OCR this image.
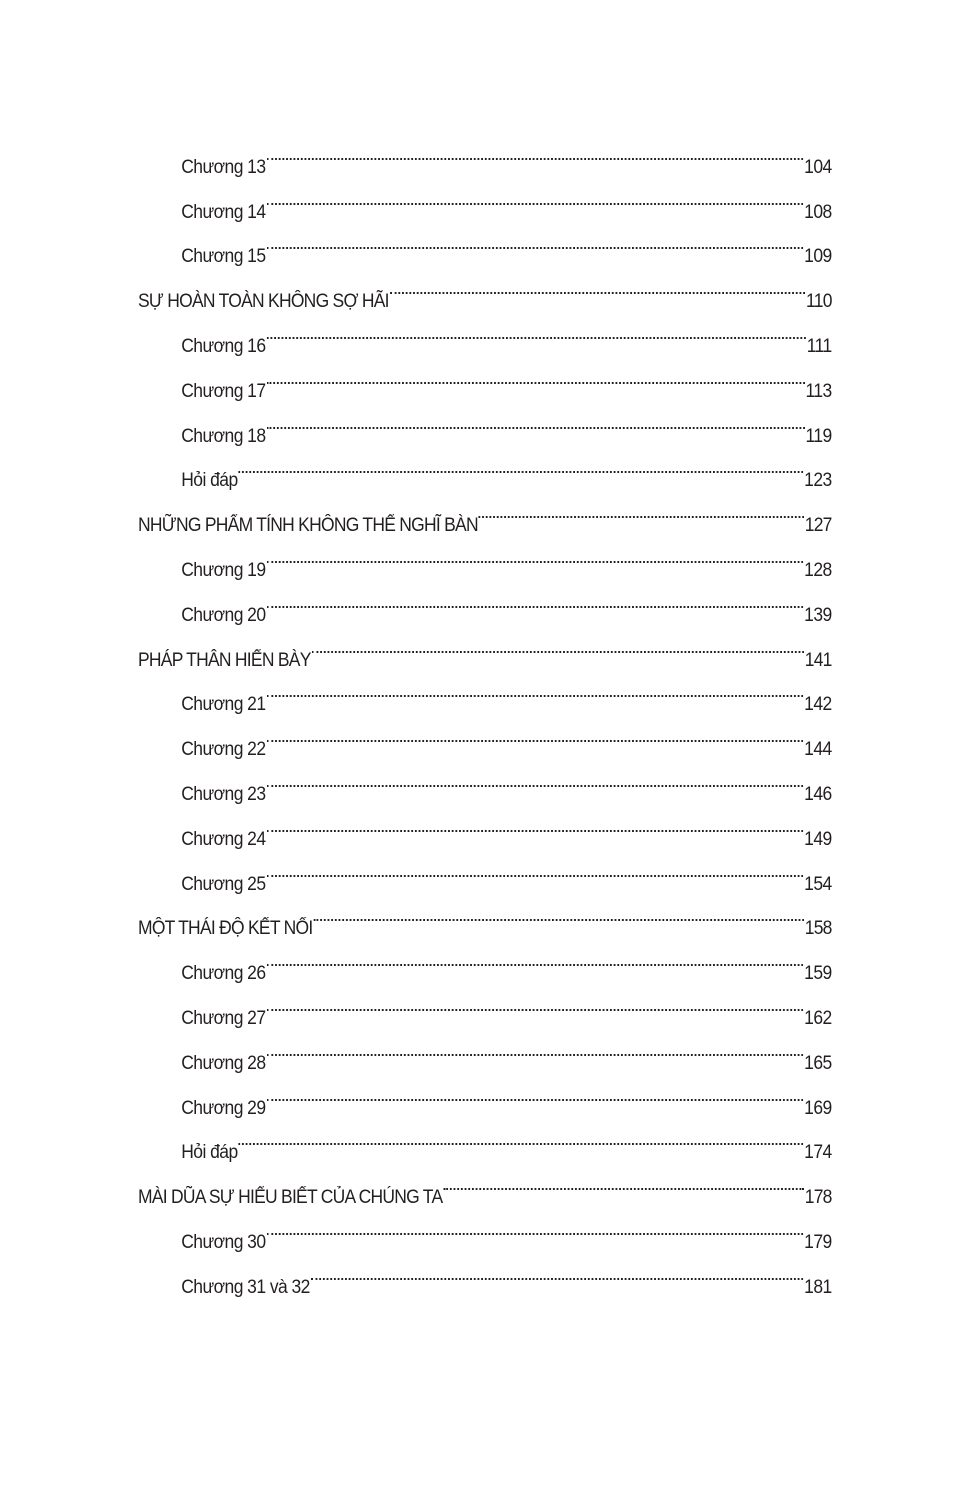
Chương 13	104
Chương 14	108
Chương 15	109
SỰ HOÀN TOÀN KHÔNG SỢ HÃI	110
Chương 16	111
Chương 17	113
Chương 18	119
Hỏi đáp	123
NHỮNG PHẨM TÍNH KHÔNG THỂ NGHĨ BÀN	127
Chương 19	128
Chương 20	139
PHÁP THÂN HIỂN BÀY	141
Chương 21	142
Chương 22	144
Chương 23	146
Chương 24	149
Chương 25	154
MỘT THÁI ĐỘ KẾT NỐI	158
Chương 26	159
Chương 27	162
Chương 28	165
Chương 29	169
Hỏi đáp	174
MÀI DŨA SỰ HIỂU BIẾT CỦA CHÚNG TA	178
Chương 30	179
Chương 31 và 32	181
